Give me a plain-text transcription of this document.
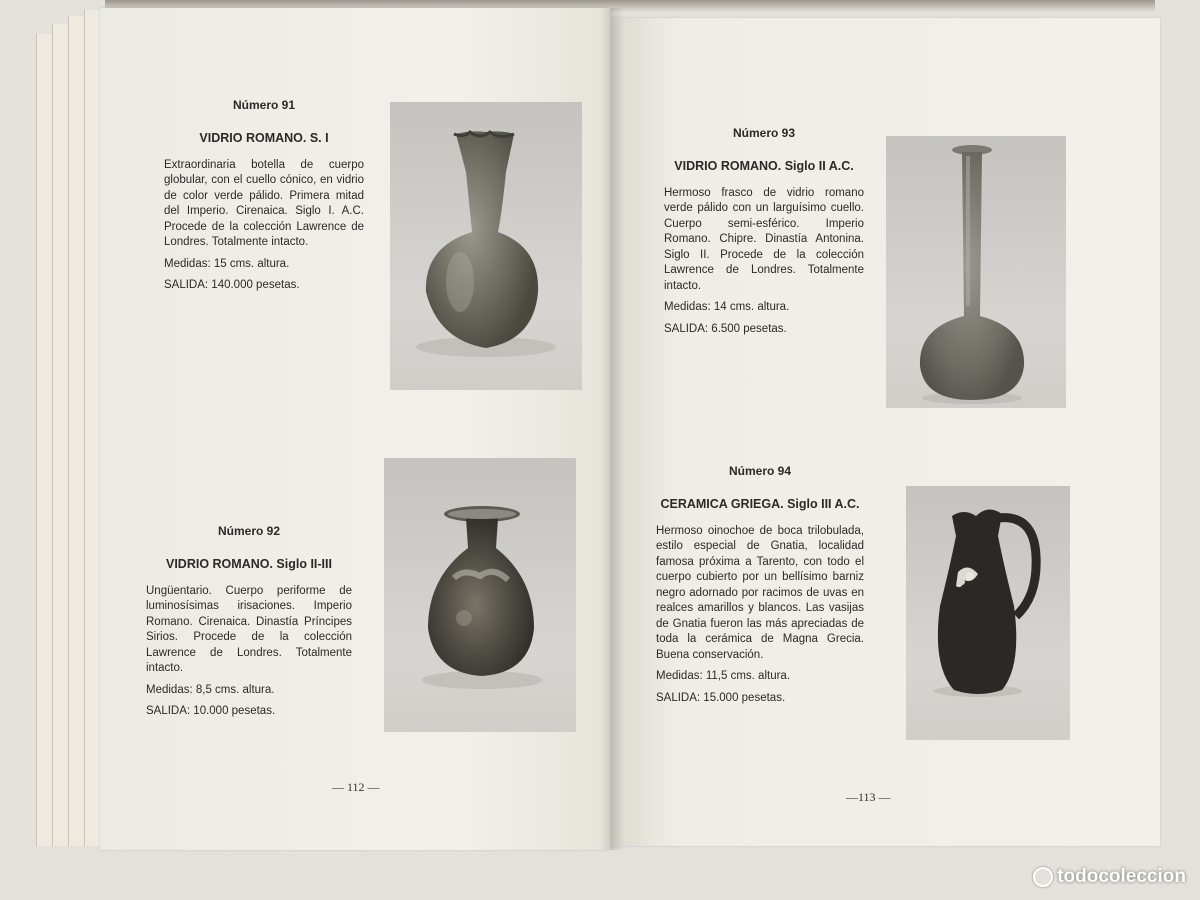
Número 91
VIDRIO ROMANO. S. I
Extraordinaria botella de cuerpo globular, con el cuello cónico, en vidrio de color verde pálido. Primera mitad del Imperio. Cirenaica. Siglo I. A.C. Procede de la colección Lawrence de Londres. Totalmente intacto.
Medidas: 15 cms. altura.
SALIDA: 140.000 pesetas.
Número 92
VIDRIO ROMANO. Siglo II-III
Ungüentario. Cuerpo periforme de luminosísimas irisaciones. Imperio Romano. Cirenaica. Dinastía Príncipes Sirios. Procede de la colección Lawrence de Londres. Totalmente intacto.
Medidas: 8,5 cms. altura.
SALIDA: 10.000 pesetas.
— 112 —
Número 93
VIDRIO ROMANO. Siglo II A.C.
Hermoso frasco de vidrio romano verde pálido con un larguísimo cuello. Cuerpo semi-esférico. Imperio Romano. Chipre. Dinastía Antonina. Siglo II. Procede de la colección Lawrence de Londres. Totalmente intacto.
Medidas: 14 cms. altura.
SALIDA: 6.500 pesetas.
Número 94
CERAMICA GRIEGA. Siglo III A.C.
Hermoso oinochoe de boca trilobulada, estilo especial de Gnatia, localidad famosa próxima a Tarento, con todo el cuerpo cubierto por un bellísimo barniz negro adornado por racimos de uvas en realces amarillos y blancos. Las vasijas de Gnatia fueron las más apreciadas de toda la cerámica de Magna Grecia. Buena conservación.
Medidas: 11,5 cms. altura.
SALIDA: 15.000 pesetas.
—113 —
todocoleccion
